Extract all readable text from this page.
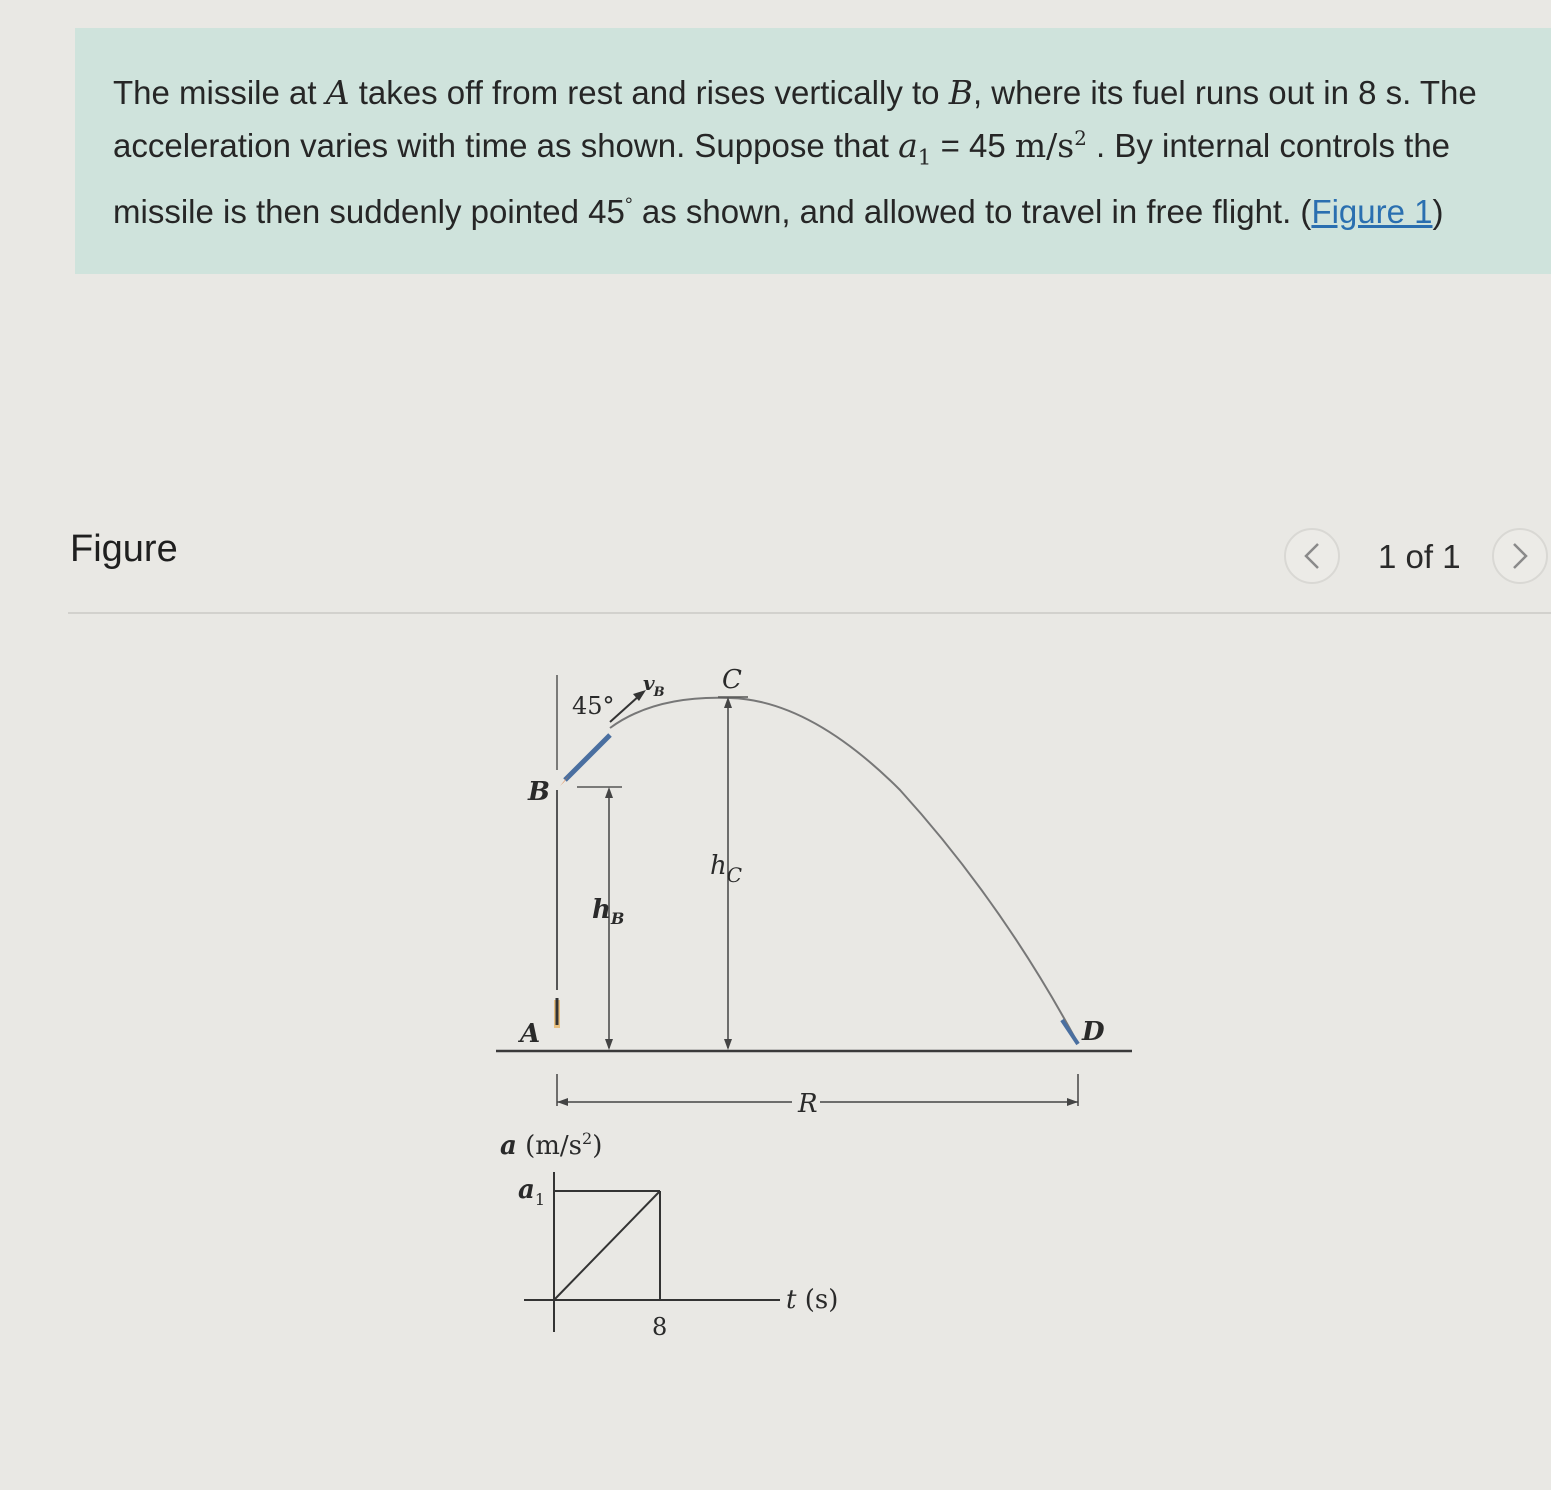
The missile at A takes off from rest and rises vertically to B, where its fuel runs out in 8 s. The acceleration varies with time as shown. Suppose that $a_1 = 45$ $m/s^2$ . By internal controls the missile is then suddenly pointed 45° as shown, and allowed to travel in free flight. (Figure 1)

Figure	1 of 1
B
A
C
D
R
45°
vB
$h_B$
$h_C$
a $(m/s^2)$
$a_1$
t (s)
8
